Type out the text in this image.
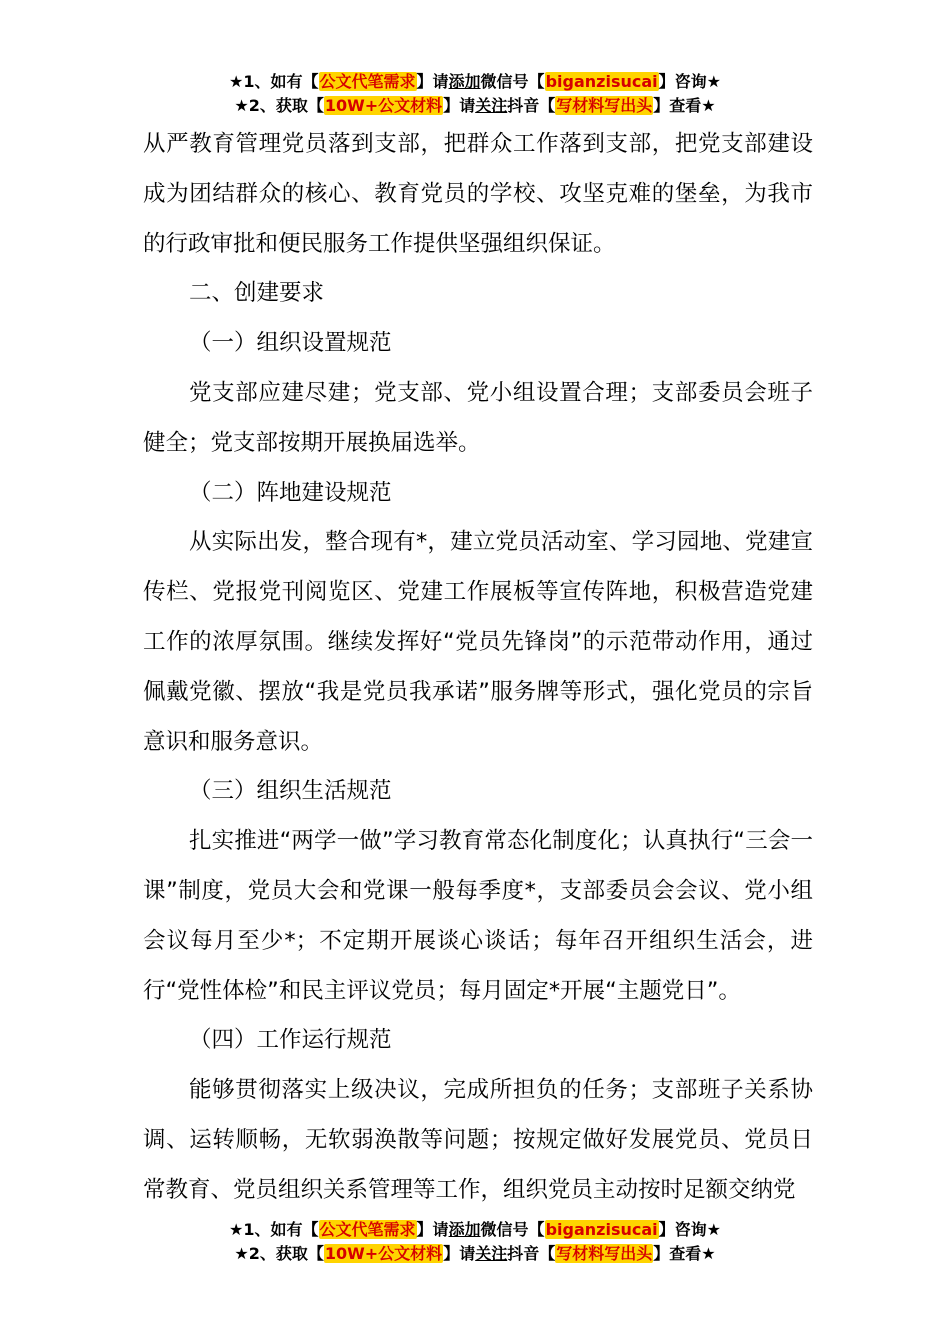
★1、如有【公文代笔需求】请添加微信号【biganzisucai】咨询★
★2、获取【10W+公文材料】请关注抖音【写材料写出头】查看★

从严教育管理党员落到支部，把群众工作落到支部，把党支部建设成为团结群众的核心、教育党员的学校、攻坚克难的堡垒，为我市的行政审批和便民服务工作提供坚强组织保证。

二、创建要求

（一）组织设置规范

党支部应建尽建；党支部、党小组设置合理；支部委员会班子健全；党支部按期开展换届选举。

（二）阵地建设规范

从实际出发，整合现有*，建立党员活动室、学习园地、党建宣传栏、党报党刊阅览区、党建工作展板等宣传阵地，积极营造党建工作的浓厚氛围。继续发挥好“党员先锋岗”的示范带动作用，通过佩戴党徽、摆放“我是党员我承诺”服务牌等形式，强化党员的宗旨意识和服务意识。

（三）组织生活规范

扎实推进“两学一做”学习教育常态化制度化；认真执行“三会一课”制度，党员大会和党课一般每季度*，支部委员会会议、党小组会议每月至少*；不定期开展谈心谈话；每年召开组织生活会，进行“党性体检”和民主评议党员；每月固定*开展“主题党日”。

（四）工作运行规范

能够贯彻落实上级决议，完成所担负的任务；支部班子关系协调、运转顺畅，无软弱涣散等问题；按规定做好发展党员、党员日常教育、党员组织关系管理等工作，组织党员主动按时足额交纳党

★1、如有【公文代笔需求】请添加微信号【biganzisucai】咨询★
★2、获取【10W+公文材料】请关注抖音【写材料写出头】查看★
